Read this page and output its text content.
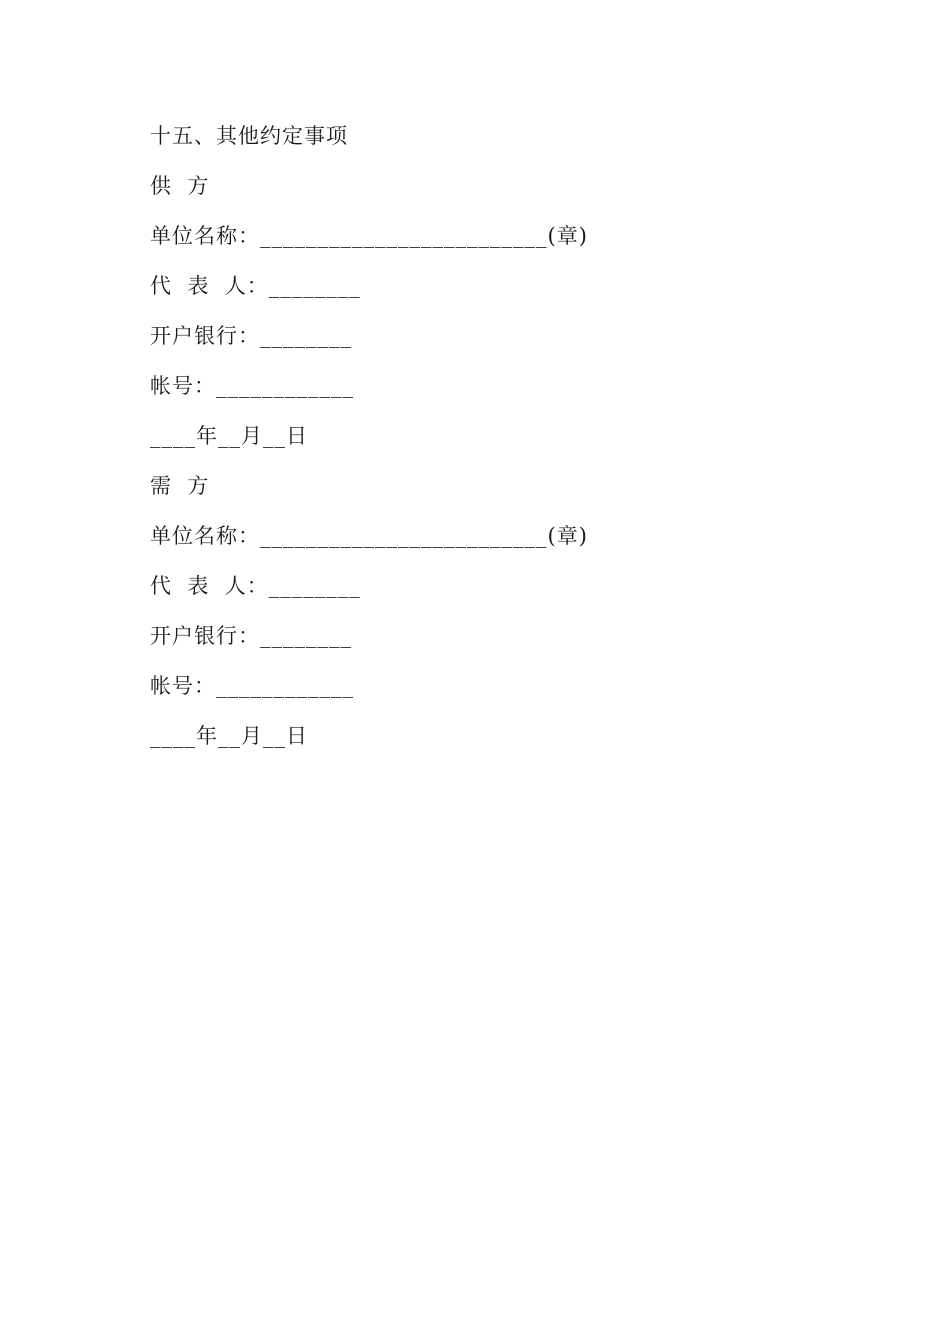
十五、其他约定事项
供  方
单位名称：_________________________(章)
代  表  人：________
开户银行：________
帐号：____________
____年__月__日
需  方
单位名称：_________________________(章)
代  表  人：________
开户银行：________
帐号：____________
____年__月__日
